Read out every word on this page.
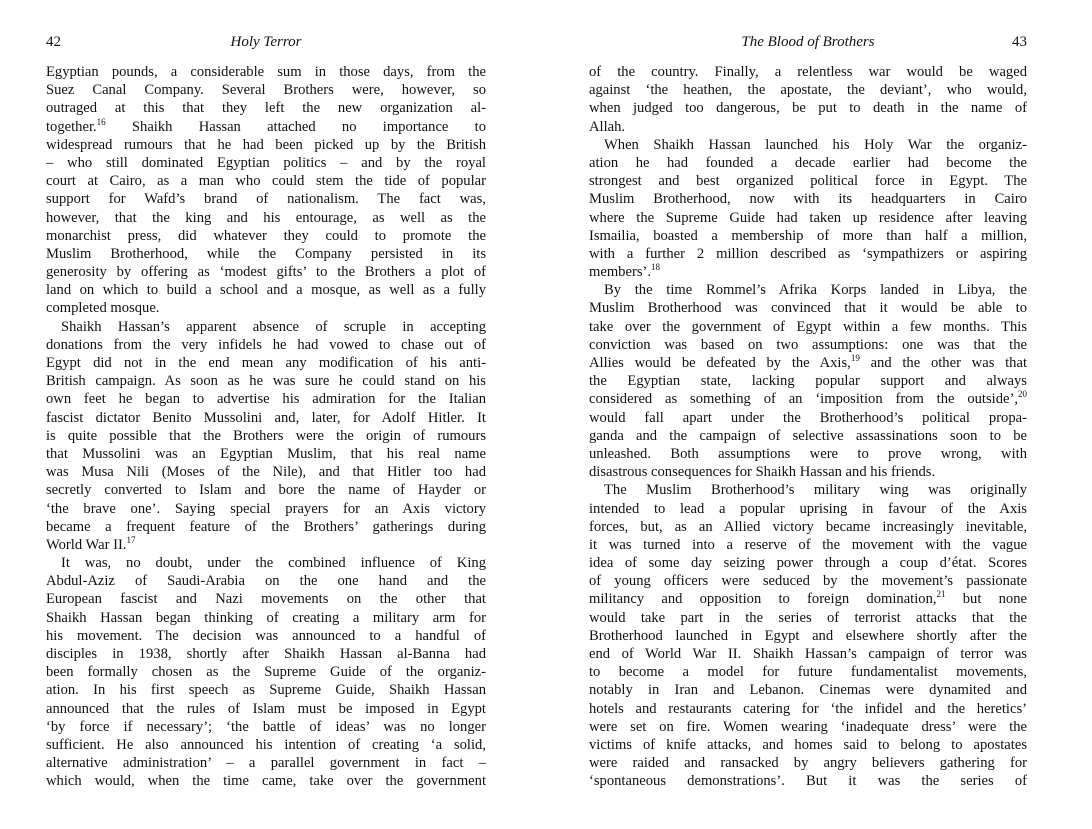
Holy Terror
42
Egyptian pounds, a considerable sum in those days, from the
Suez Canal Company. Several Brothers were, however, so
outraged at this that they left the new organization al-
together.$^{16}$ Shaikh Hassan attached no importance to
widespread rumours that he had been picked up by the British
– who still dominated Egyptian politics – and by the royal
court at Cairo, as a man who could stem the tide of popular
support for Wafd’s brand of nationalism. The fact was,
however, that the king and his entourage, as well as the
monarchist press, did whatever they could to promote the
Muslim Brotherhood, while the Company persisted in its
generosity by offering as ‘modest gifts’ to the Brothers a plot of
land on which to build a school and a mosque, as well as a fully
completed mosque.
Shaikh Hassan’s apparent absence of scruple in accepting
donations from the very infidels he had vowed to chase out of
Egypt did not in the end mean any modification of his anti-
British campaign. As soon as he was sure he could stand on his
own feet he began to advertise his admiration for the Italian
fascist dictator Benito Mussolini and, later, for Adolf Hitler. It
is quite possible that the Brothers were the origin of rumours
that Mussolini was an Egyptian Muslim, that his real name
was Musa Nili (Moses of the Nile), and that Hitler too had
secretly converted to Islam and bore the name of Hayder or
‘the brave one’. Saying special prayers for an Axis victory
became a frequent feature of the Brothers’ gatherings during
World War II.$^{17}$
It was, no doubt, under the combined influence of King
Abdul-Aziz of Saudi-Arabia on the one hand and the
European fascist and Nazi movements on the other that
Shaikh Hassan began thinking of creating a military arm for
his movement. The decision was announced to a handful of
disciples in 1938, shortly after Shaikh Hassan al-Banna had
been formally chosen as the Supreme Guide of the organiz-
ation. In his first speech as Supreme Guide, Shaikh Hassan
announced that the rules of Islam must be imposed in Egypt
‘by force if necessary’; ‘the battle of ideas’ was no longer
sufficient. He also announced his intention of creating ‘a solid,
alternative administration’ – a parallel government in fact –
which would, when the time came, take over the government
The Blood of Brothers	43
of the country. Finally, a relentless war would be waged
against ‘the heathen, the apostate, the deviant’, who would,
when judged too dangerous, be put to death in the name of
Allah.
When Shaikh Hassan launched his Holy War the organiz-
ation he had founded a decade earlier had become the
strongest and best organized political force in Egypt. The
Muslim Brotherhood, now with its headquarters in Cairo
where the Supreme Guide had taken up residence after leaving
Ismailia, boasted a membership of more than half a million,
with a further 2 million described as ‘sympathizers or aspiring
members’.$^{18}$
By the time Rommel’s Afrika Korps landed in Libya, the
Muslim Brotherhood was convinced that it would be able to
take over the government of Egypt within a few months. This
conviction was based on two assumptions: one was that the
Allies would be defeated by the Axis,$^{19}$ and the other was that
the Egyptian state, lacking popular support and always
considered as something of an ‘imposition from the outside’,$^{20}$
would fall apart under the Brotherhood’s political propa-
ganda and the campaign of selective assassinations soon to be
unleashed. Both assumptions were to prove wrong, with
disastrous consequences for Shaikh Hassan and his friends.
The Muslim Brotherhood’s military wing was originally
intended to lead a popular uprising in favour of the Axis
forces, but, as an Allied victory became increasingly inevitable,
it was turned into a reserve of the movement with the vague
idea of some day seizing power through a coup d’état. Scores
of young officers were seduced by the movement’s passionate
militancy and opposition to foreign domination,$^{21}$ but none
would take part in the series of terrorist attacks that the
Brotherhood launched in Egypt and elsewhere shortly after the
end of World War II. Shaikh Hassan’s campaign of terror was
to become a model for future fundamentalist movements,
notably in Iran and Lebanon. Cinemas were dynamited and
hotels and restaurants catering for ‘the infidel and the heretics’
were set on fire. Women wearing ‘inadequate dress’ were the
victims of knife attacks, and homes said to belong to apostates
were raided and ransacked by angry believers gathering for
‘spontaneous demonstrations’. But it was the series of
